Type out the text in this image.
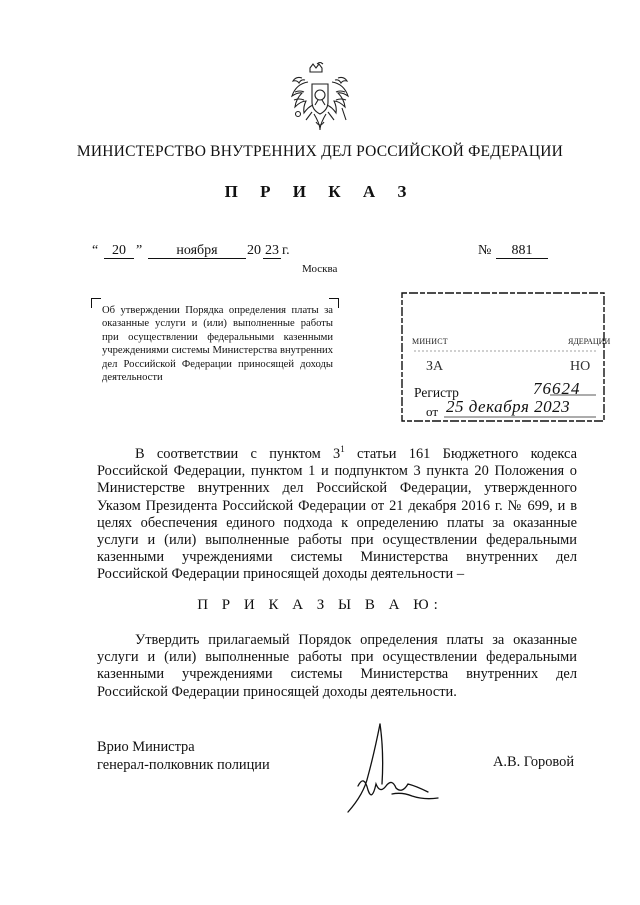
МИНИСТЕРСТВО ВНУТРЕННИХ ДЕЛ РОССИЙСКОЙ ФЕДЕРАЦИИ
П Р И К А З
“ 20 ”	ноября	20 23 г.	№	881
Москва
Об утверждении Порядка определения платы за оказанные услуги и (или) выполненные работы при осуществлении федеральными казенными учреждениями системы Министерства внутренних дел Российской Федерации приносящей доходы деятельности
МИНИСТ	ЯДЕРАЦИИ
ЗА	НО
Регистр	76624
от 25 декабря 2023
В соответствии с пунктом $3^1$ статьи 161 Бюджетного кодекса Российской Федерации, пунктом 1 и подпунктом 3 пункта 20 Положения о Министерстве внутренних дел Российской Федерации, утвержденного Указом Президента Российской Федерации от 21 декабря 2016 г. № 699, и в целях обеспечения единого подхода к определению платы за оказанные услуги и (или) выполненные работы при осуществлении федеральными казенными учреждениями системы Министерства внутренних дел Российской Федерации приносящей доходы деятельности –
П Р И К А З Ы В А Ю:
Утвердить прилагаемый Порядок определения платы за оказанные услуги и (или) выполненные работы при осуществлении федеральными казенными учреждениями системы Министерства внутренних дел Российской Федерации приносящей доходы деятельности.
Врио Министра
генерал-полковник полиции	А.В. Горовой
